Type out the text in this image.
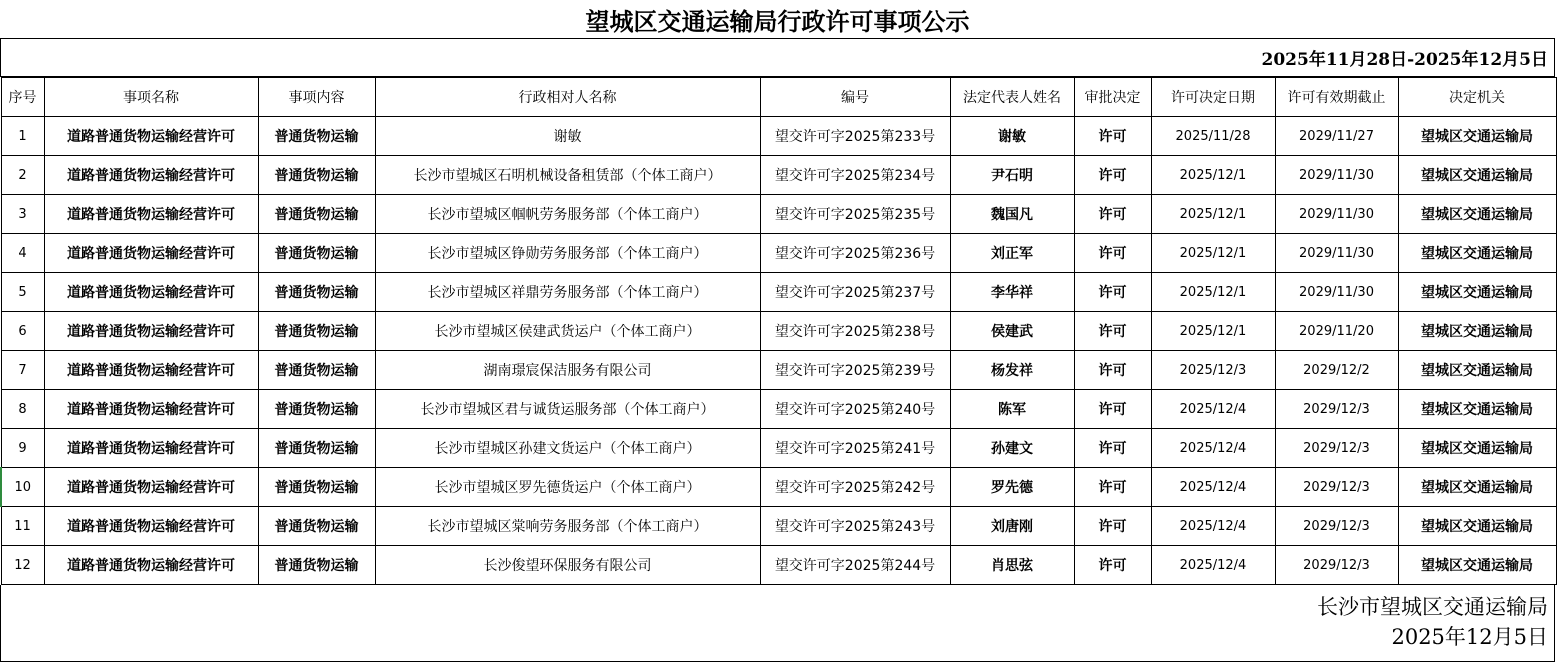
望城区交通运输局行政许可事项公示
2025年11月28日-2025年12月5日
序号	事项名称	事项内容	行政相对人名称	编号	法定代表人姓名	审批决定	许可决定日期	许可有效期截止	决定机关
1	道路普通货物运输经营许可	普通货物运输	谢敏	望交许可字2025第233号	谢敏	许可	2025/11/28	2029/11/27	望城区交通运输局
2	道路普通货物运输经营许可	普通货物运输	长沙市望城区石明机械设备租赁部（个体工商户）	望交许可字2025第234号	尹石明	许可	2025/12/1	2029/11/30	望城区交通运输局
3	道路普通货物运输经营许可	普通货物运输	长沙市望城区帼帆劳务服务部（个体工商户）	望交许可字2025第235号	魏国凡	许可	2025/12/1	2029/11/30	望城区交通运输局
4	道路普通货物运输经营许可	普通货物运输	长沙市望城区铮勋劳务服务部（个体工商户）	望交许可字2025第236号	刘正军	许可	2025/12/1	2029/11/30	望城区交通运输局
5	道路普通货物运输经营许可	普通货物运输	长沙市望城区祥鼎劳务服务部（个体工商户）	望交许可字2025第237号	李华祥	许可	2025/12/1	2029/11/30	望城区交通运输局
6	道路普通货物运输经营许可	普通货物运输	长沙市望城区侯建武货运户（个体工商户）	望交许可字2025第238号	侯建武	许可	2025/12/1	2029/11/20	望城区交通运输局
7	道路普通货物运输经营许可	普通货物运输	湖南璟宸保洁服务有限公司	望交许可字2025第239号	杨发祥	许可	2025/12/3	2029/12/2	望城区交通运输局
8	道路普通货物运输经营许可	普通货物运输	长沙市望城区君与诚货运服务部（个体工商户）	望交许可字2025第240号	陈军	许可	2025/12/4	2029/12/3	望城区交通运输局
9	道路普通货物运输经营许可	普通货物运输	长沙市望城区孙建文货运户（个体工商户）	望交许可字2025第241号	孙建文	许可	2025/12/4	2029/12/3	望城区交通运输局
10	道路普通货物运输经营许可	普通货物运输	长沙市望城区罗先德货运户（个体工商户）	望交许可字2025第242号	罗先德	许可	2025/12/4	2029/12/3	望城区交通运输局
11	道路普通货物运输经营许可	普通货物运输	长沙市望城区棠响劳务服务部（个体工商户）	望交许可字2025第243号	刘唐刚	许可	2025/12/4	2029/12/3	望城区交通运输局
12	道路普通货物运输经营许可	普通货物运输	长沙俊望环保服务有限公司	望交许可字2025第244号	肖思弦	许可	2025/12/4	2029/12/3	望城区交通运输局
长沙市望城区交通运输局
2025年12月5日
